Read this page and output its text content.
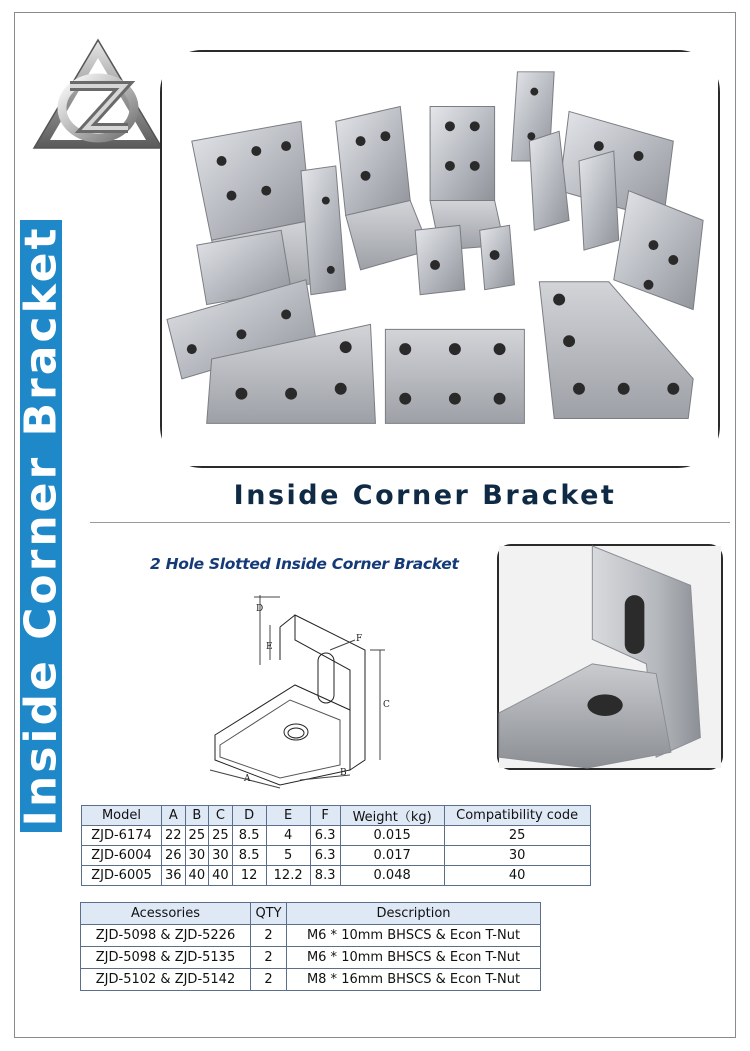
Inside Corner Bracket	Inside Corner Bracket
2 Hole Slotted Inside Corner Bracket
D
E
F
C
A
B
Model	A	B	C	D	E	F	Weight（kg)	Compatibility code
ZJD-6174	22	25	25	8.5	4	6.3	0.015	25
ZJD-6004	26	30	30	8.5	5	6.3	0.017	30
ZJD-6005	36	40	40	12	12.2	8.3	0.048	40
Acessories	QTY	Description
ZJD-5098 & ZJD-5226	2	M6 * 10mm BHSCS & Econ T-Nut
ZJD-5098 & ZJD-5135	2	M6 * 10mm BHSCS & Econ T-Nut
ZJD-5102 & ZJD-5142	2	M8 * 16mm BHSCS & Econ T-Nut
